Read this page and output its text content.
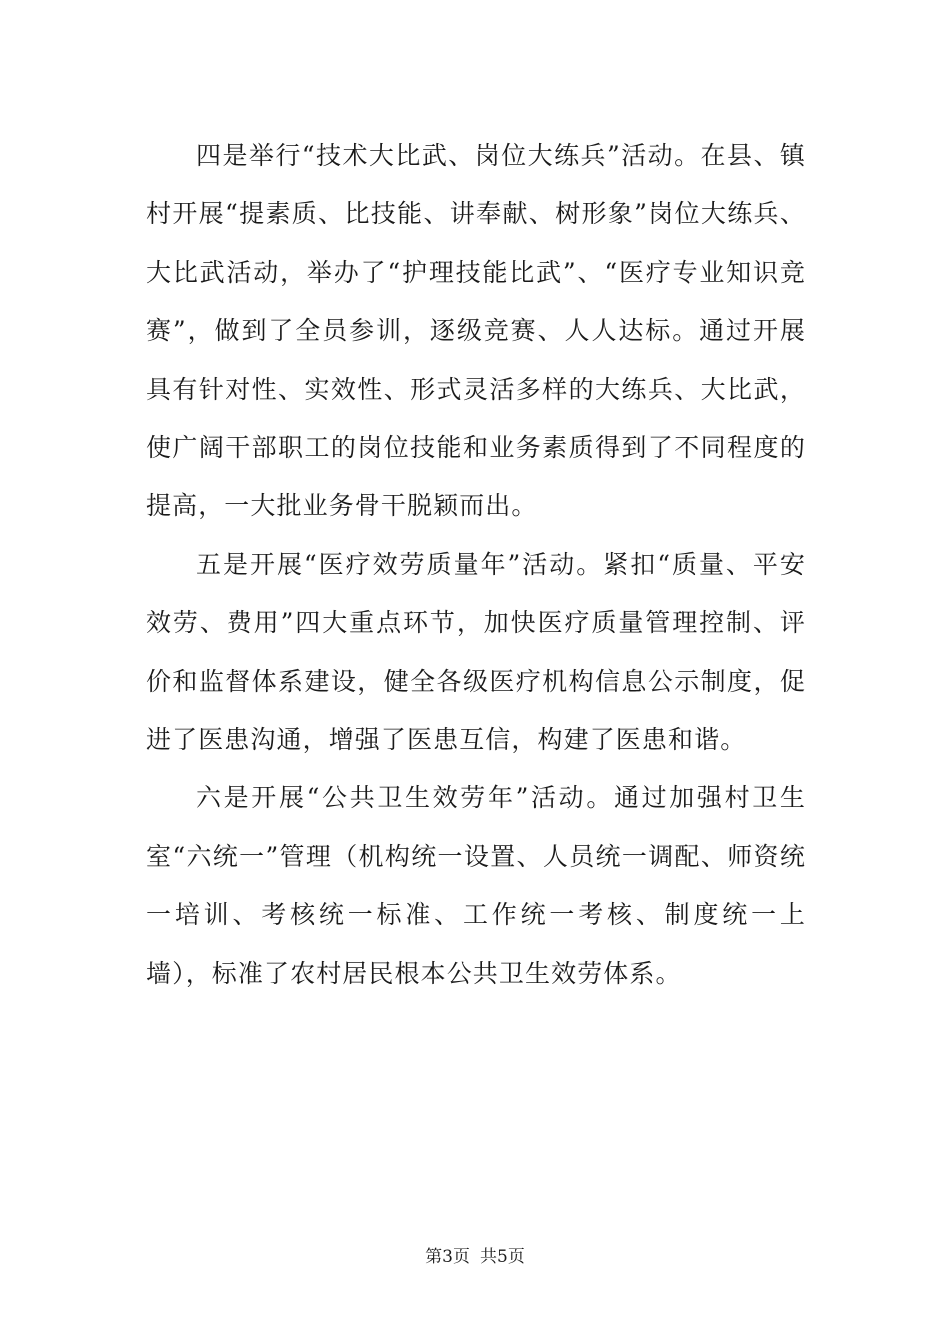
四是举行“技术大比武、岗位大练兵”活动。在县、镇村开展“提素质、比技能、讲奉献、树形象”岗位大练兵、大比武活动，举办了“护理技能比武”、“医疗专业知识竞赛”，做到了全员参训，逐级竞赛、人人达标。通过开展具有针对性、实效性、形式灵活多样的大练兵、大比武，使广阔干部职工的岗位技能和业务素质得到了不同程度的提高，一大批业务骨干脱颖而出。

五是开展“医疗效劳质量年”活动。紧扣“质量、平安效劳、费用”四大重点环节，加快医疗质量管理控制、评价和监督体系建设，健全各级医疗机构信息公示制度，促进了医患沟通，增强了医患互信，构建了医患和谐。

六是开展“公共卫生效劳年”活动。通过加强村卫生室“六统一”管理（机构统一设置、人员统一调配、师资统一培训、考核统一标准、工作统一考核、制度统一上墙），标准了农村居民根本公共卫生效劳体系。

第3页 共5页
